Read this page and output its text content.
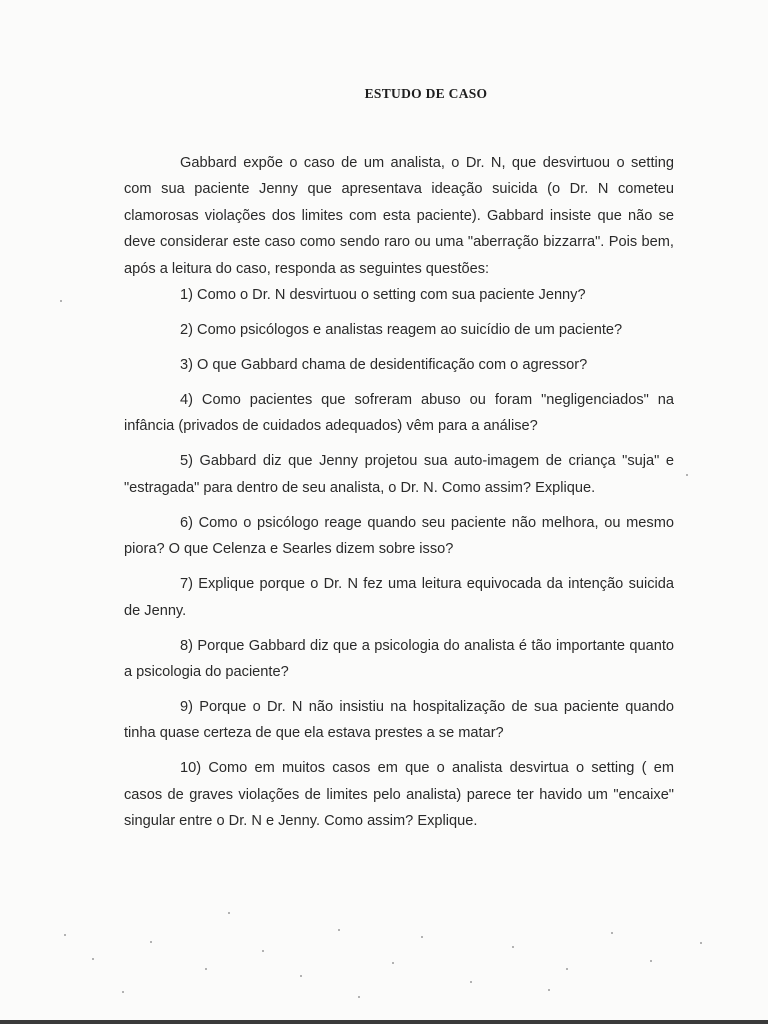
ESTUDO DE CASO

Gabbard expõe o caso de um analista, o Dr. N, que desvirtuou o setting com sua paciente Jenny que apresentava ideação suicida (o Dr. N cometeu clamorosas violações dos limites com esta paciente). Gabbard insiste que não se deve considerar este caso como sendo raro ou uma "aberração bizzarra". Pois bem, após a leitura do caso, responda as seguintes questões:

1) Como o Dr. N desvirtuou o setting com sua paciente Jenny?
2) Como psicólogos e analistas reagem ao suicídio de um paciente?
3) O que Gabbard chama de desidentificação com o agressor?
4) Como pacientes que sofreram abuso ou foram "negligenciados" na infância (privados de cuidados adequados) vêm para a análise?
5) Gabbard diz que Jenny projetou sua auto-imagem de criança "suja" e "estragada" para dentro de seu analista, o Dr. N. Como assim? Explique.
6) Como o psicólogo reage quando seu paciente não melhora, ou mesmo piora? O que Celenza e Searles dizem sobre isso?
7) Explique porque o Dr. N fez uma leitura equivocada da intenção suicida de Jenny.
8) Porque Gabbard diz que a psicologia do analista é tão importante quanto a psicologia do paciente?
9) Porque o Dr. N não insistiu na hospitalização de sua paciente quando tinha quase certeza de que ela estava prestes a se matar?
10) Como em muitos casos em que o analista desvirtua o setting ( em casos de graves violações de limites pelo analista) parece ter havido um "encaixe" singular entre o Dr. N e Jenny. Como assim? Explique.
